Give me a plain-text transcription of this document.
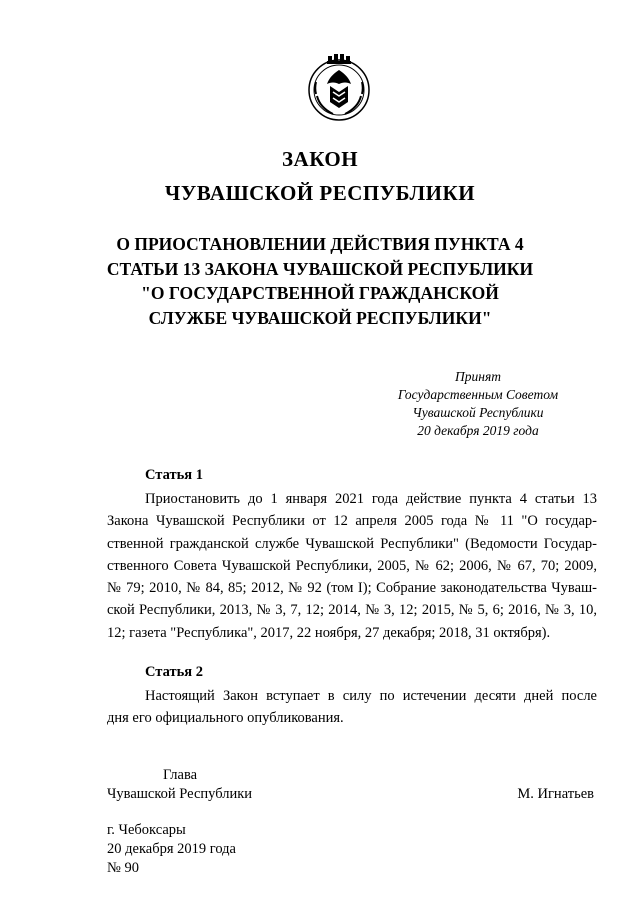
ЗАКОН
ЧУВАШСКОЙ РЕСПУБЛИКИ
О ПРИОСТАНОВЛЕНИИ ДЕЙСТВИЯ ПУНКТА 4
СТАТЬИ 13 ЗАКОНА ЧУВАШСКОЙ РЕСПУБЛИКИ
"О ГОСУДАРСТВЕННОЙ ГРАЖДАНСКОЙ
СЛУЖБЕ ЧУВАШСКОЙ РЕСПУБЛИКИ"
Принят
Государственным Советом
Чувашской Республики
20 декабря 2019 года
Статья 1
Приостановить до 1 января 2021 года действие пункта 4 статьи 13
Закона Чувашской Республики от 12 апреля 2005 года № 11 "О государ-
ственной гражданской службе Чувашской Республики" (Ведомости Государ-
ственного Совета Чувашской Республики, 2005, № 62; 2006, № 67, 70; 2009,
№ 79; 2010, № 84, 85; 2012, № 92 (том I); Собрание законодательства Чуваш-
ской Республики, 2013, № 3, 7, 12; 2014, № 3, 12; 2015, № 5, 6; 2016, № 3, 10,
12; газета "Республика", 2017, 22 ноября, 27 декабря; 2018, 31 октября).
Статья 2
Настоящий Закон вступает в силу по истечении десяти дней после
дня его официального опубликования.
Глава
Чувашской Республики	М. Игнатьев
г. Чебоксары
20 декабря 2019 года
№ 90
